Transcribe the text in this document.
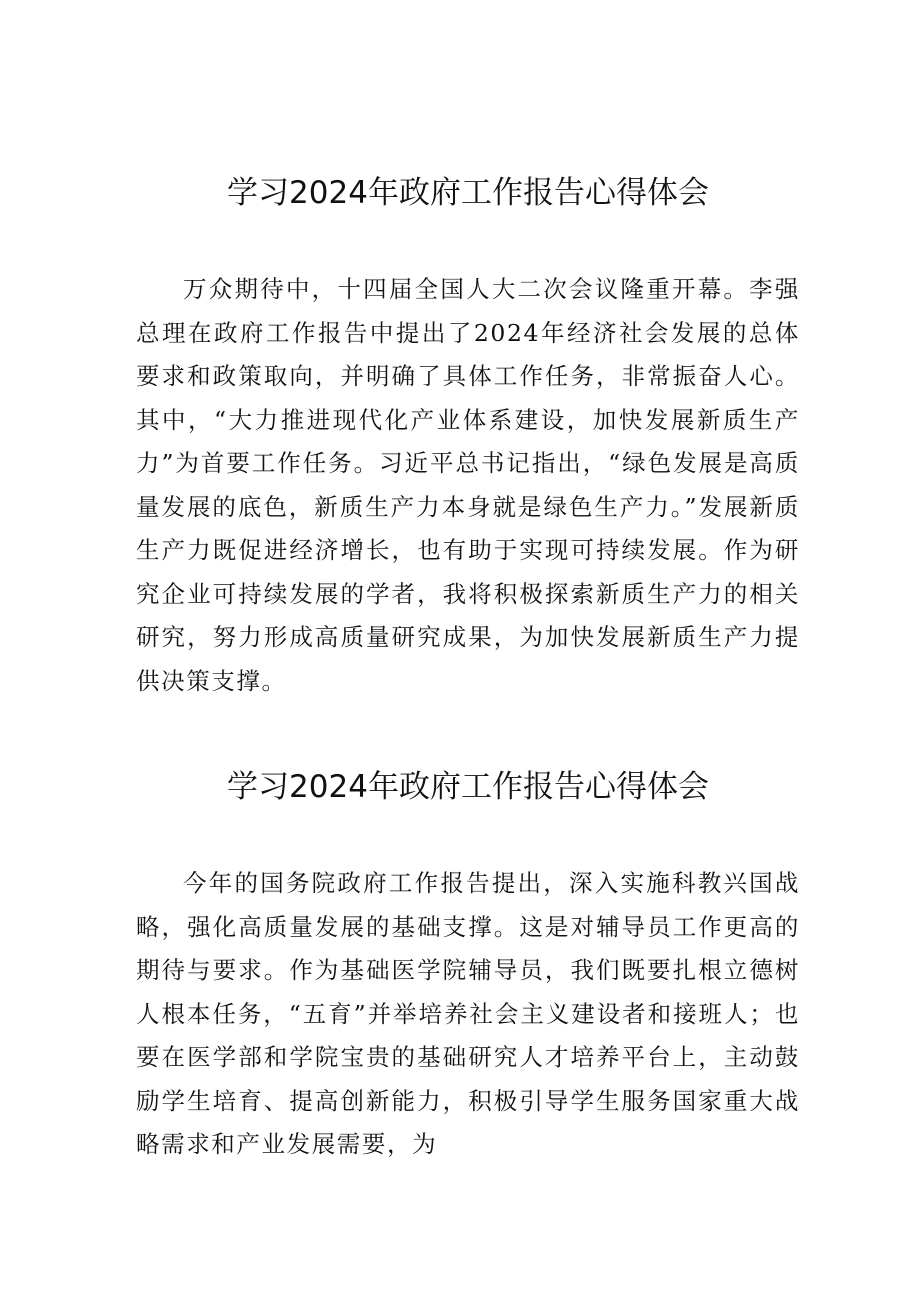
学习2024年政府工作报告心得体会

万众期待中，十四届全国人大二次会议隆重开幕。李强总理在政府工作报告中提出了2024年经济社会发展的总体要求和政策取向，并明确了具体工作任务，非常振奋人心。其中，“大力推进现代化产业体系建设，加快发展新质生产力”为首要工作任务。习近平总书记指出，“绿色发展是高质量发展的底色，新质生产力本身就是绿色生产力。”发展新质生产力既促进经济增长，也有助于实现可持续发展。作为研究企业可持续发展的学者，我将积极探索新质生产力的相关研究，努力形成高质量研究成果，为加快发展新质生产力提供决策支撑。

学习2024年政府工作报告心得体会

今年的国务院政府工作报告提出，深入实施科教兴国战略，强化高质量发展的基础支撑。这是对辅导员工作更高的期待与要求。作为基础医学院辅导员，我们既要扎根立德树人根本任务，“五育”并举培养社会主义建设者和接班人；也要在医学部和学院宝贵的基础研究人才培养平台上，主动鼓励学生培育、提高创新能力，积极引导学生服务国家重大战略需求和产业发展需要，为
